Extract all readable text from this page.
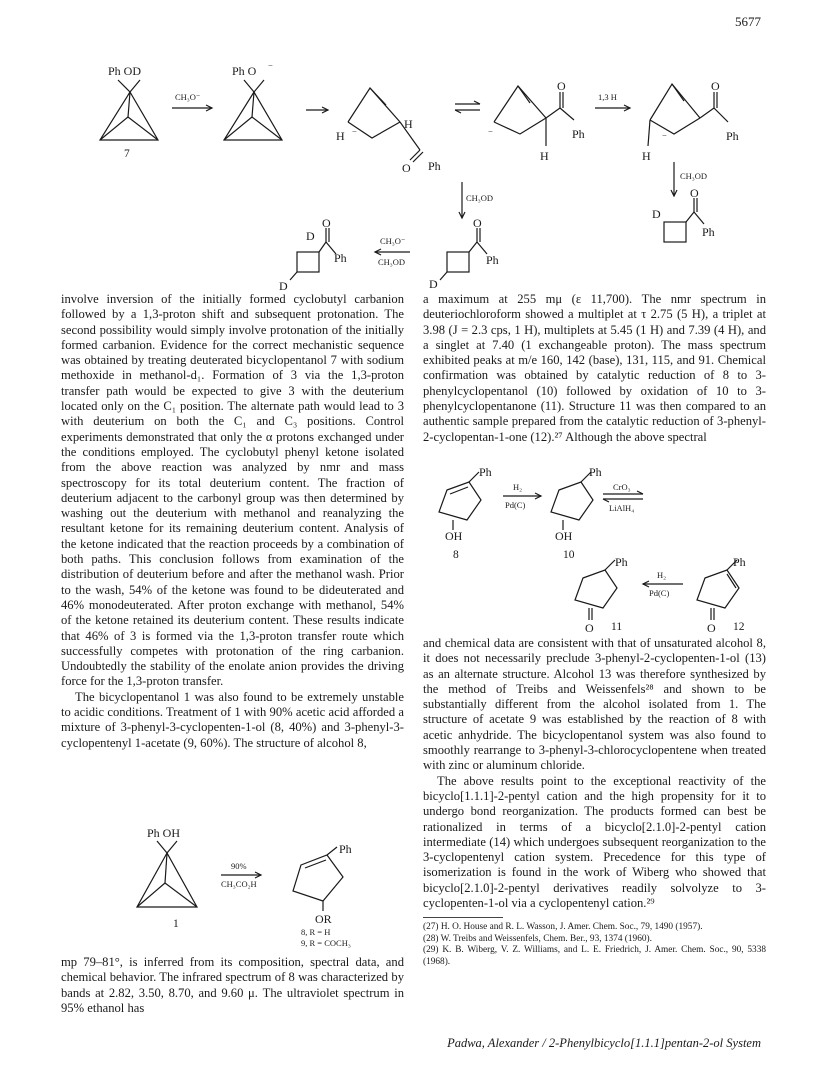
5677
Ph OD
7
CH₃O⁻
Ph O −
H −	H
O Ph
−
O
Ph
H
1,3 H
H
−
O
Ph
CH₃OD
D
O
Ph
CH₃OD
O
Ph
D
CH₃O⁻
CH₃OD
D
O
Ph
D

involve inversion of the initially formed cyclobutyl carbanion followed by a 1,3-proton shift and subsequent protonation. The second possibility would simply involve protonation of the initially formed carbanion. Evidence for the correct mechanistic sequence was obtained by treating deuterated bicyclopentanol 7 with sodium methoxide in methanol-d₁. Formation of 3 via the 1,3-proton transfer path would be expected to give 3 with the deuterium located only on the C₁ position. The alternate path would lead to 3 with deuterium on both the C₁ and C₃ positions. Control experiments demonstrated that only the α protons exchanged under the conditions employed. The cyclobutyl phenyl ketone isolated from the above reaction was analyzed by nmr and mass spectroscopy for its total deuterium content. The fraction of deuterium adjacent to the carbonyl group was then determined by washing out the deuterium with methanol and reanalyzing the resultant ketone for its remaining deuterium content. Analysis of the ketone indicated that the reaction proceeds by a combination of both paths. This conclusion follows from examination of the distribution of deuterium before and after the methanol wash. Prior to the wash, 54% of the ketone was found to be dideuterated and 46% monodeuterated. After proton exchange with methanol, 54% of the ketone retained its deuterium content. These results indicate that 46% of 3 is formed via the 1,3-proton transfer route which successfully competes with protonation of the ring carbanion. Undoubtedly the stability of the enolate anion provides the driving force for the 1,3-proton transfer.

The bicyclopentanol 1 was also found to be extremely unstable to acidic conditions. Treatment of 1 with 90% acetic acid afforded a mixture of 3-phenyl-3-cyclopenten-1-ol (8, 40%) and 3-phenyl-3-cyclopentenyl 1-acetate (9, 60%). The structure of alcohol 8,

Ph OH
1
90%
CH₃CO₂H
Ph
OR
8, R = H
9, R = COCH₃

mp 79–81°, is inferred from its composition, spectral data, and chemical behavior. The infrared spectrum of 8 was characterized by bands at 2.82, 3.50, 8.70, and 9.60 μ. The ultraviolet spectrum in 95% ethanol has

a maximum at 255 mμ (ε 11,700). The nmr spectrum in deuteriochloroform showed a multiplet at τ 2.75 (5 H), a triplet at 3.98 (J = 2.3 cps, 1 H), multiplets at 5.45 (1 H) and 7.39 (4 H), and a singlet at 7.40 (1 exchangeable proton). The mass spectrum exhibited peaks at m/e 160, 142 (base), 131, 115, and 91. Chemical confirmation was obtained by catalytic reduction of 8 to 3-phenylcyclopentanol (10) followed by oxidation of 10 to 3-phenylcyclopentanone (11). Structure 11 was then compared to an authentic sample prepared from the catalytic reduction of 3-phenyl-2-cyclopentan-1-one (12).²⁷ Although the above spectral

Ph
OH
8
H₂
Pd(C)
Ph
OH
10
CrO₃
LiAlH₄
Ph
O 11
H₂
Pd(C)
Ph
O 12

and chemical data are consistent with that of unsaturated alcohol 8, it does not necessarily preclude 3-phenyl-2-cyclopenten-1-ol (13) as an alternate structure. Alcohol 13 was therefore synthesized by the method of Treibs and Weissenfels²⁸ and shown to be substantially different from the alcohol isolated from 1. The structure of acetate 9 was established by the reaction of 8 with acetic anhydride. The bicyclopentanol system was also found to smoothly rearrange to 3-phenyl-3-chlorocyclopentene when treated with zinc or aluminum chloride.

The above results point to the exceptional reactivity of the bicyclo[1.1.1]-2-pentyl cation and the high propensity for it to undergo bond reorganization. The products formed can best be rationalized in terms of a bicyclo[2.1.0]-2-pentyl cation intermediate (14) which undergoes subsequent reorganization to the 3-cyclopentenyl cation system. Precedence for this type of isomerization is found in the work of Wiberg who showed that bicyclo[2.1.0]-2-pentyl derivatives readily solvolyze to 3-cyclopenten-1-ol via a cyclopentenyl cation.²⁹

(27) H. O. House and R. L. Wasson, J. Amer. Chem. Soc., 79, 1490 (1957).

(28) W. Treibs and Weissenfels, Chem. Ber., 93, 1374 (1960).

(29) K. B. Wiberg, V. Z. Williams, and L. E. Friedrich, J. Amer. Chem. Soc., 90, 5338 (1968).

Padwa, Alexander / 2-Phenylbicyclo[1.1.1]pentan-2-ol System
